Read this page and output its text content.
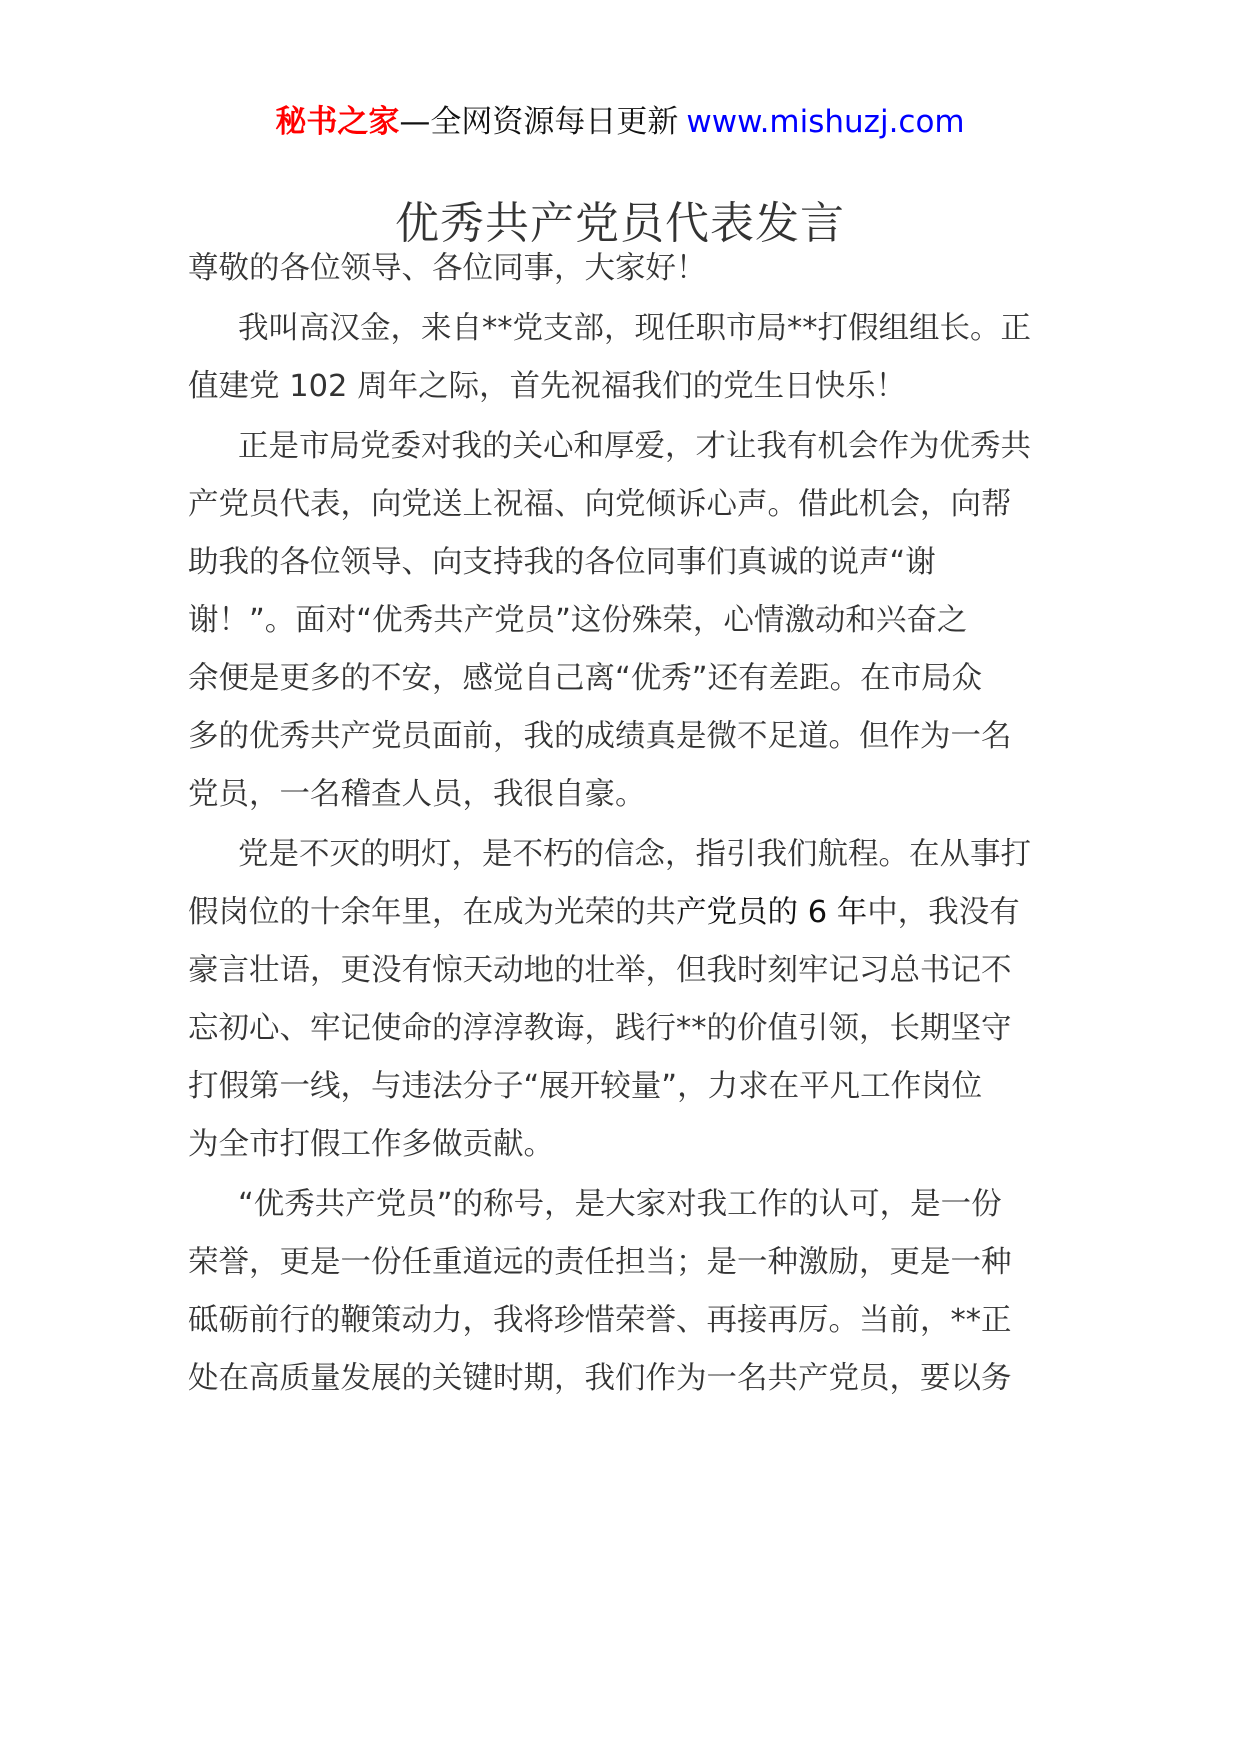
秘书之家—全网资源每日更新 www.mishuzj.com
优秀共产党员代表发言
尊敬的各位领导、各位同事，大家好！
我叫高汉金，来自**党支部，现任职市局**打假组组长。正
值建党 102 周年之际，首先祝福我们的党生日快乐！
正是市局党委对我的关心和厚爱，才让我有机会作为优秀共
产党员代表，向党送上祝福、向党倾诉心声。借此机会，向帮
助我的各位领导、向支持我的各位同事们真诚的说声“谢
谢！”。面对“优秀共产党员”这份殊荣，心情激动和兴奋之
余便是更多的不安，感觉自己离“优秀”还有差距。在市局众
多的优秀共产党员面前，我的成绩真是微不足道。但作为一名
党员，一名稽查人员，我很自豪。
党是不灭的明灯，是不朽的信念，指引我们航程。在从事打
假岗位的十余年里，在成为光荣的共产党员的 6 年中，我没有
豪言壮语，更没有惊天动地的壮举，但我时刻牢记习总书记不
忘初心、牢记使命的淳淳教诲，践行**的价值引领，长期坚守
打假第一线，与违法分子“展开较量”，力求在平凡工作岗位
为全市打假工作多做贡献。
“优秀共产党员”的称号，是大家对我工作的认可，是一份
荣誉，更是一份任重道远的责任担当；是一种激励，更是一种
砥砺前行的鞭策动力，我将珍惜荣誉、再接再厉。当前，**正
处在高质量发展的关键时期，我们作为一名共产党员，要以务
